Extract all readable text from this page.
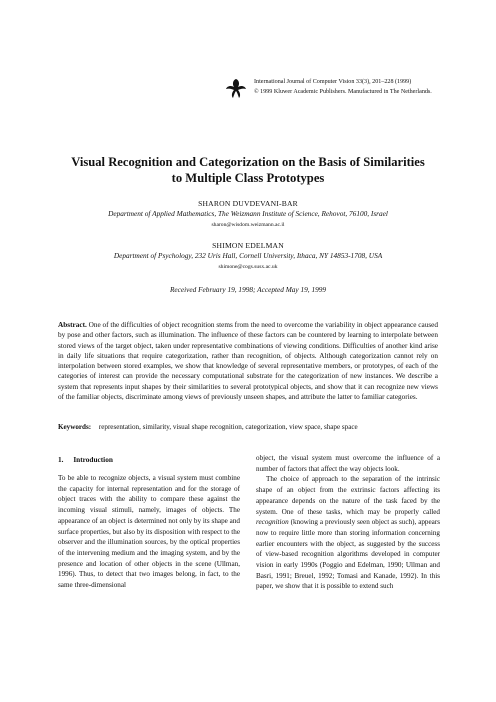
International Journal of Computer Vision 33(3), 201–228 (1999)
© 1999 Kluwer Academic Publishers. Manufactured in The Netherlands.
Visual Recognition and Categorization on the Basis of Similarities
to Multiple Class Prototypes
SHARON DUVDEVANI-BAR
Department of Applied Mathematics, The Weizmann Institute of Science, Rehovot, 76100, Israel
sharon@wisdom.weizmann.ac.il
SHIMON EDELMAN
Department of Psychology, 232 Uris Hall, Cornell University, Ithaca, NY 14853-1708, USA
shimone@cogs.susx.ac.uk
Received February 19, 1998; Accepted May 19, 1999
Abstract. One of the difficulties of object recognition stems from the need to overcome the variability in object appearance caused by pose and other factors, such as illumination. The influence of these factors can be countered by learning to interpolate between stored views of the target object, taken under representative combinations of viewing conditions. Difficulties of another kind arise in daily life situations that require categorization, rather than recognition, of objects. Although categorization cannot rely on interpolation between stored examples, we show that knowledge of several representative members, or prototypes, of each of the categories of interest can provide the necessary computational substrate for the categorization of new instances. We describe a system that represents input shapes by their similarities to several prototypical objects, and show that it can recognize new views of the familiar objects, discriminate among views of previously unseen shapes, and attribute the latter to familiar categories.
Keywords: representation, similarity, visual shape recognition, categorization, view space, shape space
1. Introduction

To be able to recognize objects, a visual system must combine the capacity for internal representation and for the storage of object traces with the ability to compare these against the incoming visual stimuli, namely, images of objects. The appearance of an object is determined not only by its shape and surface properties, but also by its disposition with respect to the observer and the illumination sources, by the optical properties of the intervening medium and the imaging system, and by the presence and location of other objects in the scene (Ullman, 1996). Thus, to detect that two images belong, in fact, to the same three-dimensional

object, the visual system must overcome the influence of a number of factors that affect the way objects look.

The choice of approach to the separation of the intrinsic shape of an object from the extrinsic factors affecting its appearance depends on the nature of the task faced by the system. One of these tasks, which may be properly called recognition (knowing a previously seen object as such), appears now to require little more than storing information concerning earlier encounters with the object, as suggested by the success of view-based recognition algorithms developed in computer vision in early 1990s (Poggio and Edelman, 1990; Ullman and Basri, 1991; Breuel, 1992; Tomasi and Kanade, 1992). In this paper, we show that it is possible to extend such
